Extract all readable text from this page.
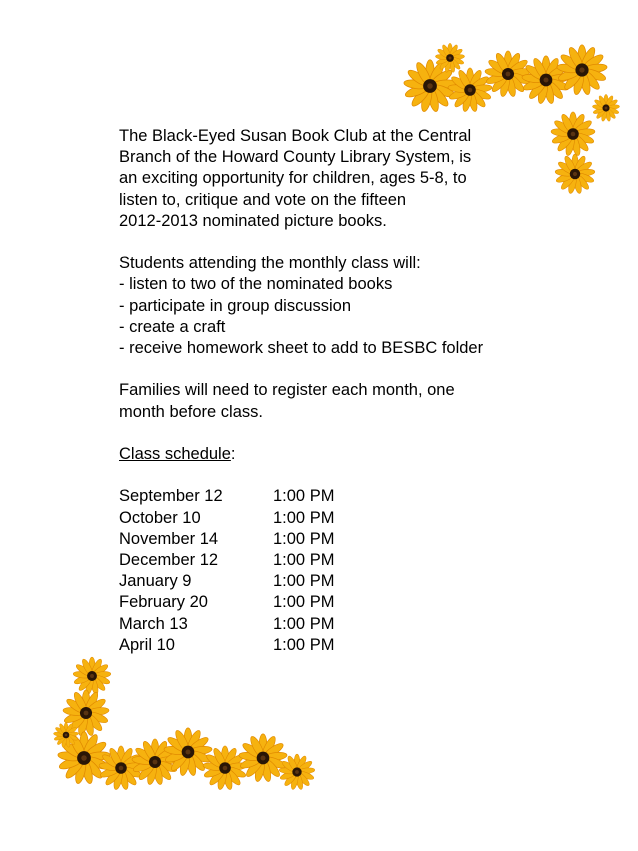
The Black-Eyed Susan Book Club at the Central
Branch of the Howard County Library System, is
an exciting opportunity for children, ages 5-8, to
listen to, critique and vote on the fifteen
2012-2013 nominated picture books.

Students attending the monthly class will:
- listen to two of the nominated books
- participate in group discussion
- create a craft
- receive homework sheet to add to BESBC folder

Families will need to register each month, one
month before class.

Class schedule:
September 12	1:00 PM
October 10	1:00 PM
November 14	1:00 PM
December 12	1:00 PM
January 9	1:00 PM
February 20	1:00 PM
March 13	1:00 PM
April 10	1:00 PM
